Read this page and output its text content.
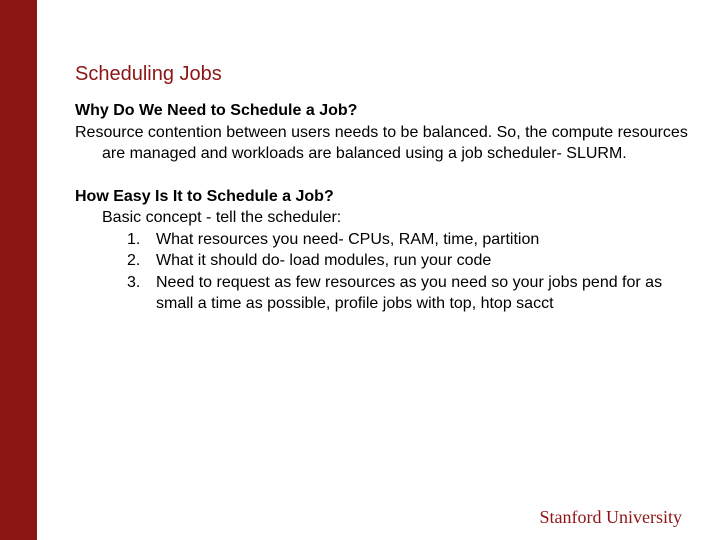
Scheduling Jobs
Why Do We Need to Schedule a Job?
Resource contention between users needs to be balanced. So, the compute resources are managed and workloads are balanced using a job scheduler- SLURM.
How Easy Is It to Schedule a Job?
Basic concept - tell the scheduler:
1. What resources you need- CPUs, RAM, time, partition
2. What it should do- load modules, run your code
3. Need to request as few resources as you need so your jobs pend for as small a time as possible, profile jobs with top, htop sacct
Stanford University
